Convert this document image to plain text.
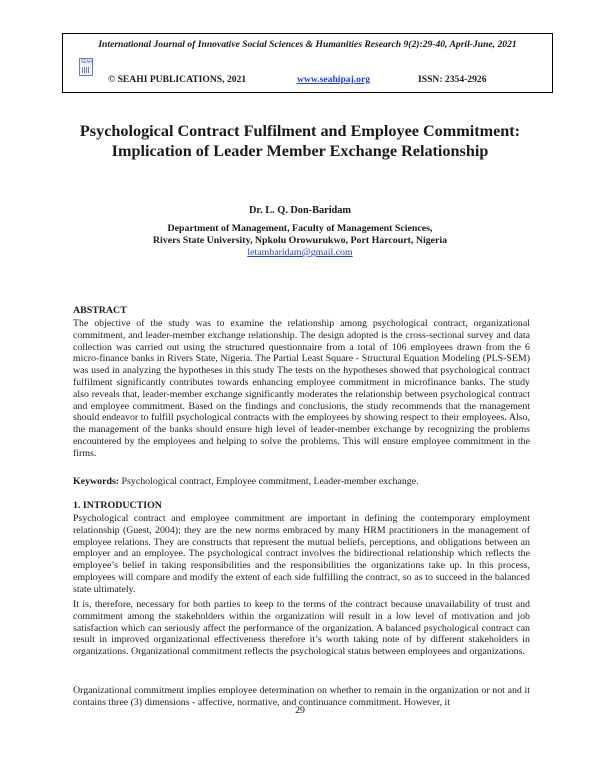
International Journal of Innovative Social Sciences & Humanities Research 9(2):29-40, April-June, 2021
SEAHI
© SEAHI PUBLICATIONS, 2021	www.seahipaj.org	ISSN: 2354-2926
Psychological Contract Fulfilment and Employee Commitment: Implication of Leader Member Exchange Relationship
Dr. L. Q. Don-Baridam
Department of Management, Faculty of Management Sciences,
Rivers State University, Npkolu Orowurukwo, Port Harcourt, Nigeria
letambaridam@gmail.com
ABSTRACT
The objective of the study was to examine the relationship among psychological contract, organizational commitment, and leader-member exchange relationship. The design adopted is the cross-sectional survey and data collection was carried out using the structured questionnaire from a total of 106 employees drawn from the 6 micro-finance banks in Rivers State, Nigeria. The Partial Least Square - Structural Equation Modeling (PLS-SEM) was used in analyzing the hypotheses in this study The tests on the hypotheses showed that psychological contract fulfilment significantly contributes towards enhancing employee commitment in microfinance banks. The study also reveals that, leader-member exchange significantly moderates the relationship between psychological contract and employee commitment. Based on the findings and conclusions, the study recommends that the management should endeavor to fulfill psychological contracts with the employees by showing respect to their employees. Also, the management of the banks should ensure high level of leader-member exchange by recognizing the problems encountered by the employees and helping to solve the problems. This will ensure employee commitment in the firms.
Keywords: Psychological contract, Employee commitment, Leader-member exchange.
1. INTRODUCTION
Psychological contract and employee commitment are important in defining the contemporary employment relationship (Guest, 2004); they are the new norms embraced by many HRM practitioners in the management of employee relations. They are constructs that represent the mutual beliefs, perceptions, and obligations between an employer and an employee. The psychological contract involves the bidirectional relationship which reflects the employee’s belief in taking responsibilities and the responsibilities the organizations take up. In this process, employees will compare and modify the extent of each side fulfilling the contract, so as to succeed in the balanced state ultimately.
It is, therefore, necessary for both parties to keep to the terms of the contract because unavailability of trust and commitment among the stakeholders within the organization will result in a low level of motivation and job satisfaction which can seriously affect the performance of the organization. A balanced psychological contract can result in improved organizational effectiveness therefore it’s worth taking note of by different stakeholders in organizations. Organizational commitment reflects the psychological status between employees and organizations.
Organizational commitment implies employee determination on whether to remain in the organization or not and it contains three (3) dimensions - affective, normative, and continuance commitment. However, it
29
